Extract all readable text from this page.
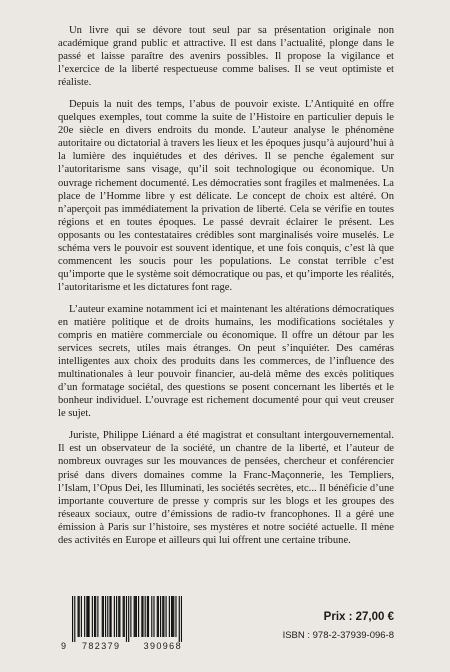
Un livre qui se dévore tout seul par sa présentation originale non académique grand public et attractive. Il est dans l’actualité, plonge dans le passé et laisse paraître des avenirs possibles. Il propose la vigilance et l’exercice de la liberté respectueuse comme balises. Il se veut optimiste et réaliste.

Depuis la nuit des temps, l’abus de pouvoir existe. L’Antiquité en offre quelques exemples, tout comme la suite de l’Histoire en particulier depuis le 20e siècle en divers endroits du monde. L’auteur analyse le phénomène autoritaire ou dictatorial à travers les lieux et les époques jusqu’à aujourd’hui à la lumière des inquiétudes et des dérives. Il se penche également sur l’autoritarisme sans visage, qu’il soit technologique ou économique. Un ouvrage richement documenté. Les démocraties sont fragiles et malmenées. La place de l’Homme libre y est délicate. Le concept de choix est altéré. On n’aperçoit pas immédiatement la privation de liberté. Cela se vérifie en toutes régions et en toutes époques. Le passé devrait éclairer le présent. Les opposants ou les contestataires crédibles sont marginalisés voire muselés. Le schéma vers le pouvoir est souvent identique, et une fois conquis, c’est là que commencent les soucis pour les populations. Le constat terrible c’est qu’importe que le système soit démocratique ou pas, et qu’importe les réalités, l’autoritarisme et les dictatures font rage.

L’auteur examine notamment ici et maintenant les altérations démocratiques en matière politique et de droits humains, les modifications sociétales y compris en matière commerciale ou économique. Il offre un détour par les services secrets, utiles mais étranges. On peut s’inquiéter. Des caméras intelligentes aux choix des produits dans les commerces, de l’influence des multinationales à leur pouvoir financier, au-delà même des excès politiques d’un formatage sociétal, des questions se posent concernant les libertés et le bonheur individuel. L’ouvrage est richement documenté pour qui veut creuser le sujet.

Juriste, Philippe Liénard a été magistrat et consultant intergouvernemental. Il est un observateur de la société, un chantre de la liberté, et l’auteur de nombreux ouvrages sur les mouvances de pensées, chercheur et conférencier prisé dans divers domaines comme la Franc-Maçonnerie, les Templiers, l’Islam, l’Opus Dei, les Illuminati, les sociétés secrètes, etc... Il bénéficie d’une importante couverture de presse y compris sur les blogs et les groupes des réseaux sociaux, outre d’émissions de radio-tv francophones. Il a géré une émission à Paris sur l’histoire, ses mystères et notre société actuelle. Il mène des activités en Europe et ailleurs qui lui offrent une certaine tribune.

9 782379	390968
Prix : 27,00 €
ISBN : 978-2-37939-096-8
